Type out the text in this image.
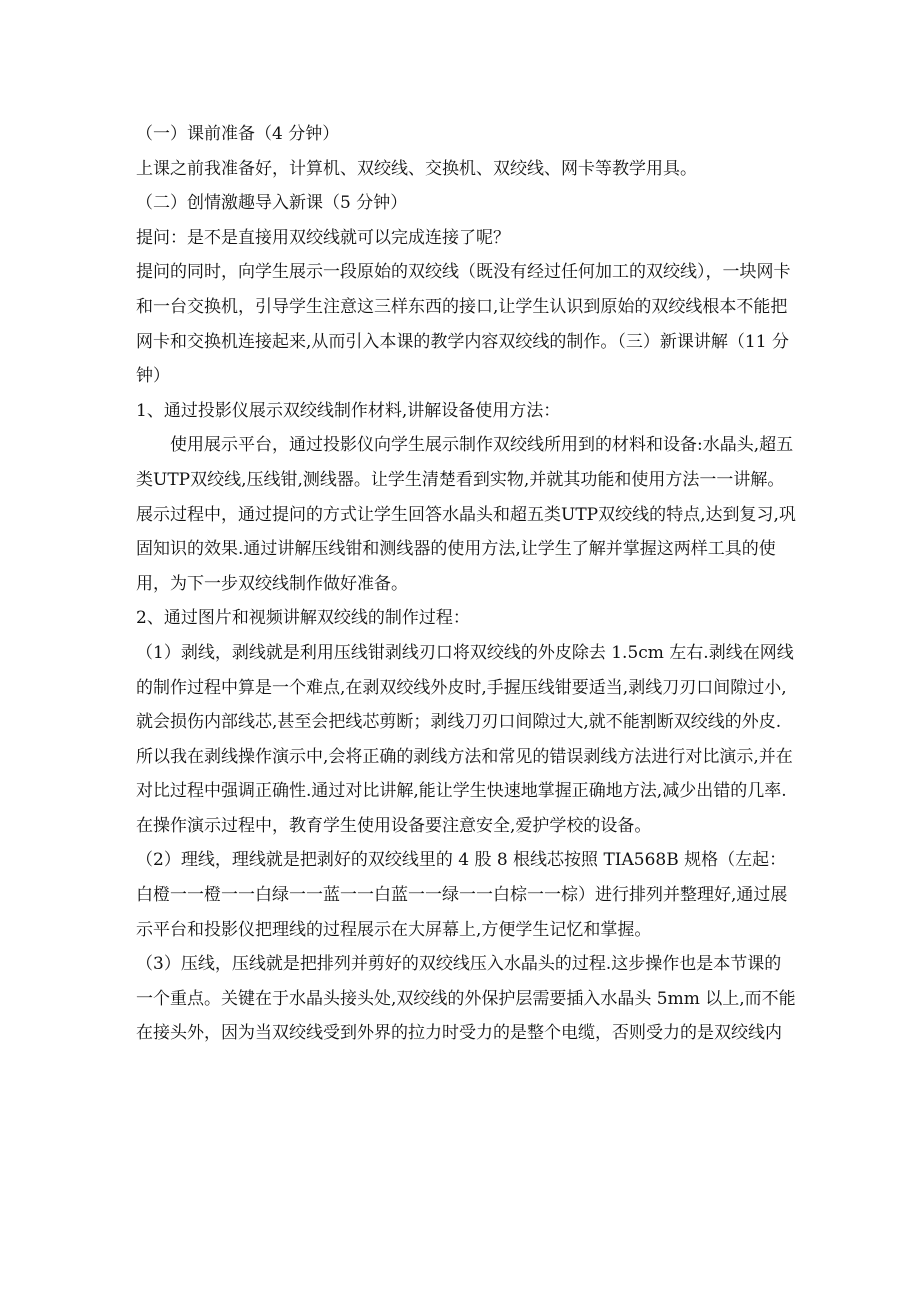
（一）课前准备（4 分钟）

上课之前我准备好，计算机、双绞线、交换机、双绞线、网卡等教学用具。

（二）创情激趣导入新课（5 分钟）

提问：是不是直接用双绞线就可以完成连接了呢？

提问的同时，向学生展示一段原始的双绞线（既没有经过任何加工的双绞线），一块网卡和一台交换机，引导学生注意这三样东西的接口,让学生认识到原始的双绞线根本不能把网卡和交换机连接起来,从而引入本课的教学内容双绞线的制作。（三）新课讲解（11 分钟）

1、通过投影仪展示双绞线制作材料,讲解设备使用方法：

使用展示平台，通过投影仪向学生展示制作双绞线所用到的材料和设备:水晶头,超五类UTP双绞线,压线钳,测线器。让学生清楚看到实物,并就其功能和使用方法一一讲解。展示过程中，通过提问的方式让学生回答水晶头和超五类UTP双绞线的特点,达到复习,巩固知识的效果.通过讲解压线钳和测线器的使用方法,让学生了解并掌握这两样工具的使用，为下一步双绞线制作做好准备。

2、通过图片和视频讲解双绞线的制作过程：

（1）剥线，剥线就是利用压线钳剥线刃口将双绞线的外皮除去 1.5cm 左右.剥线在网线的制作过程中算是一个难点,在剥双绞线外皮时,手握压线钳要适当,剥线刀刃口间隙过小,就会损伤内部线芯,甚至会把线芯剪断；剥线刀刃口间隙过大,就不能割断双绞线的外皮.所以我在剥线操作演示中,会将正确的剥线方法和常见的错误剥线方法进行对比演示,并在对比过程中强调正确性.通过对比讲解,能让学生快速地掌握正确地方法,减少出错的几率.在操作演示过程中，教育学生使用设备要注意安全,爱护学校的设备。

（2）理线，理线就是把剥好的双绞线里的 4 股 8 根线芯按照 TIA568B 规格（左起：白橙一一橙一一白绿一一蓝一一白蓝一一绿一一白棕一一棕）进行排列并整理好,通过展示平台和投影仪把理线的过程展示在大屏幕上,方便学生记忆和掌握。

（3）压线，压线就是把排列并剪好的双绞线压入水晶头的过程.这步操作也是本节课的一个重点。关键在于水晶头接头处,双绞线的外保护层需要插入水晶头 5mm 以上,而不能在接头外，因为当双绞线受到外界的拉力时受力的是整个电缆，否则受力的是双绞线内
